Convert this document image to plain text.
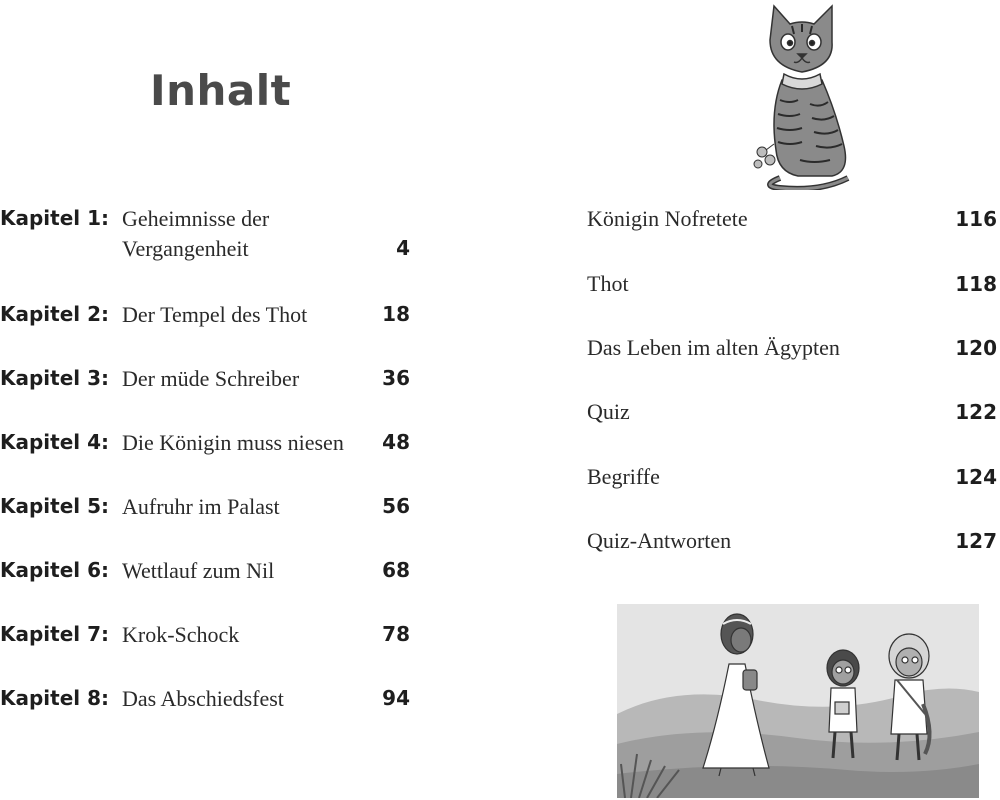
Inhalt
Kapitel 1: Geheimnisse der Vergangenheit	4
Kapitel 2: Der Tempel des Thot	18
Kapitel 3: Der müde Schreiber	36
Kapitel 4: Die Königin muss niesen	48
Kapitel 5: Aufruhr im Palast	56
Kapitel 6: Wettlauf zum Nil	68
Kapitel 7: Krok-Schock	78
Kapitel 8: Das Abschiedsfest	94
Königin Nofretete	116
Thot	118
Das Leben im alten Ägypten	120
Quiz	122
Begriffe	124
Quiz-Antworten	127
